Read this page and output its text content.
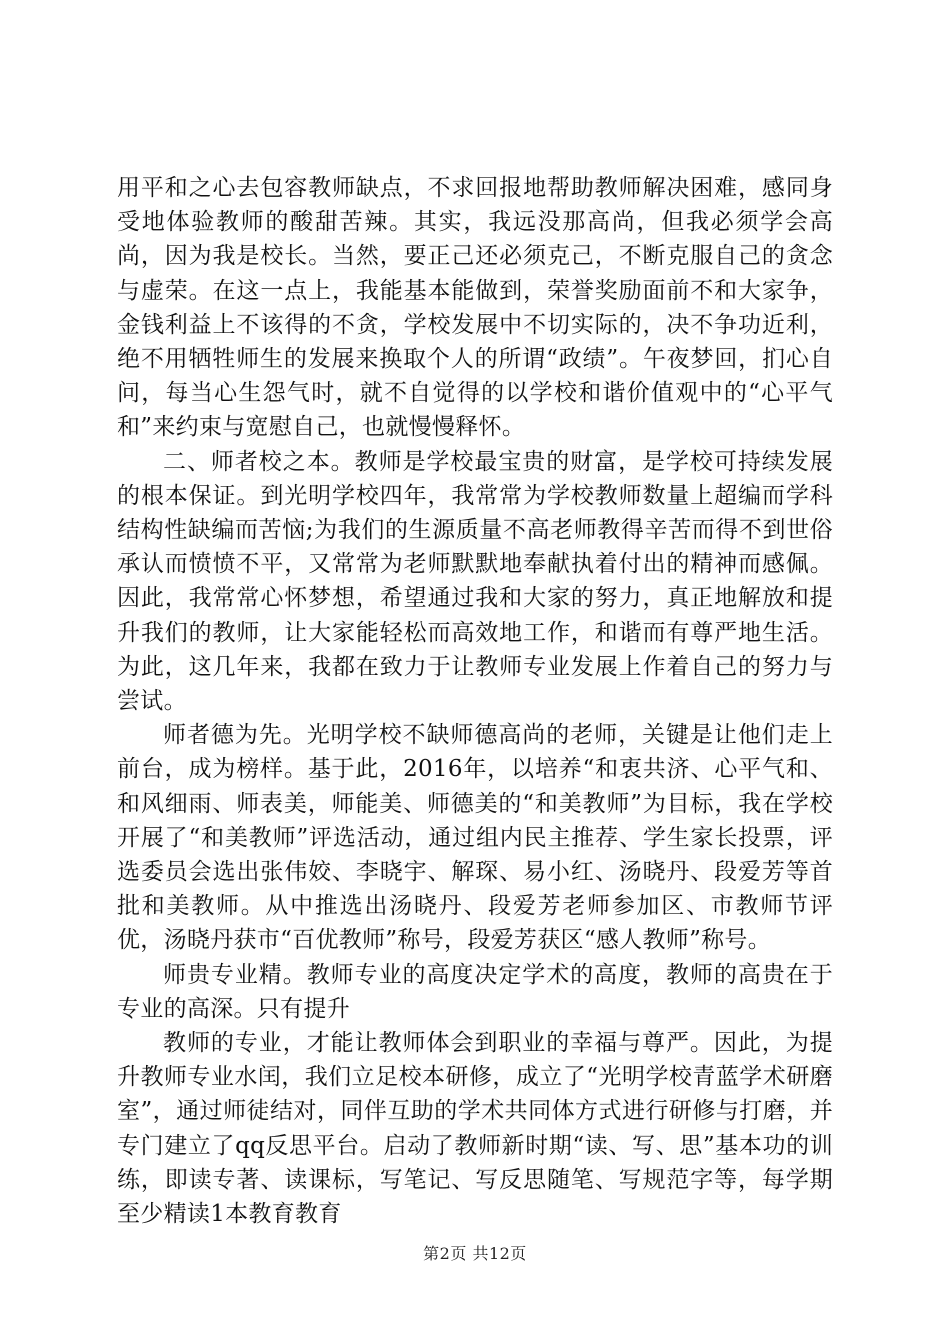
用平和之心去包容教师缺点，不求回报地帮助教师解决困难，感同身受地体验教师的酸甜苦辣。其实，我远没那高尚，但我必须学会高尚，因为我是校长。当然，要正己还必须克己，不断克服自己的贪念与虚荣。在这一点上，我能基本能做到，荣誉奖励面前不和大家争，金钱利益上不该得的不贪，学校发展中不切实际的，决不争功近利，绝不用牺牲师生的发展来换取个人的所谓“政绩”。午夜梦回，扪心自问，每当心生怨气时，就不自觉得的以学校和谐价值观中的“心平气和”来约束与宽慰自己，也就慢慢释怀。

二、师者校之本。教师是学校最宝贵的财富，是学校可持续发展的根本保证。到光明学校四年，我常常为学校教师数量上超编而学科结构性缺编而苦恼;为我们的生源质量不高老师教得辛苦而得不到世俗承认而愤愤不平，又常常为老师默默地奉献执着付出的精神而感佩。因此，我常常心怀梦想，希望通过我和大家的努力，真正地解放和提升我们的教师，让大家能轻松而高效地工作，和谐而有尊严地生活。为此，这几年来，我都在致力于让教师专业发展上作着自己的努力与尝试。

师者德为先。光明学校不缺师德高尚的老师，关键是让他们走上前台，成为榜样。基于此，2016年，以培养“和衷共济、心平气和、和风细雨、师表美，师能美、师德美的“和美教师”为目标，我在学校开展了“和美教师”评选活动，通过组内民主推荐、学生家长投票，评选委员会选出张伟姣、李晓宇、解琛、易小红、汤晓丹、段爱芳等首批和美教师。从中推选出汤晓丹、段爱芳老师参加区、市教师节评优，汤晓丹获市“百优教师”称号，段爱芳获区“感人教师”称号。

师贵专业精。教师专业的高度决定学术的高度，教师的高贵在于专业的高深。只有提升

教师的专业，才能让教师体会到职业的幸福与尊严。因此，为提升教师专业水闰，我们立足校本研修，成立了“光明学校青蓝学术研磨室”，通过师徒结对，同伴互助的学术共同体方式进行研修与打磨，并专门建立了qq反思平台。启动了教师新时期“读、写、思”基本功的训练，即读专著、读课标，写笔记、写反思随笔、写规范字等，每学期至少精读1本教育教育

第2页 共12页
